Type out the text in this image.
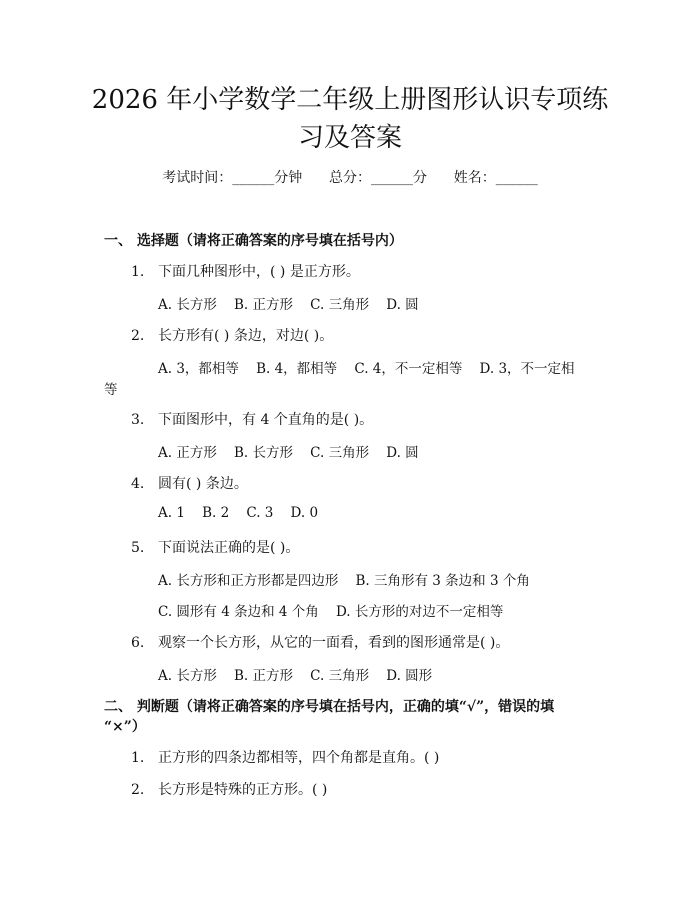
2026 年小学数学二年级上册图形认识专项练
习及答案
考试时间：______分钟      总分：______分      姓名：______
一、 选择题（请将正确答案的序号填在括号内）
1. 下面几种图形中，( ) 是正方形。
A. 长方形    B. 正方形    C. 三角形    D. 圆
2. 长方形有( ) 条边，对边( )。
A. 3，都相等    B. 4，都相等    C. 4，不一定相等    D. 3，不一定相
等
3. 下面图形中，有 4 个直角的是( )。
A. 正方形    B. 长方形    C. 三角形    D. 圆
4. 圆有( ) 条边。
A. 1    B. 2    C. 3    D. 0
5. 下面说法正确的是( )。
A. 长方形和正方形都是四边形    B. 三角形有 3 条边和 3 个角
C. 圆形有 4 条边和 4 个角    D. 长方形的对边不一定相等
6. 观察一个长方形，从它的一面看，看到的图形通常是( )。
A. 长方形    B. 正方形    C. 三角形    D. 圆形
二、 判断题（请将正确答案的序号填在括号内，正确的填“√”，错误的填
“×”）
1. 正方形的四条边都相等，四个角都是直角。( )
2. 长方形是特殊的正方形。( )
